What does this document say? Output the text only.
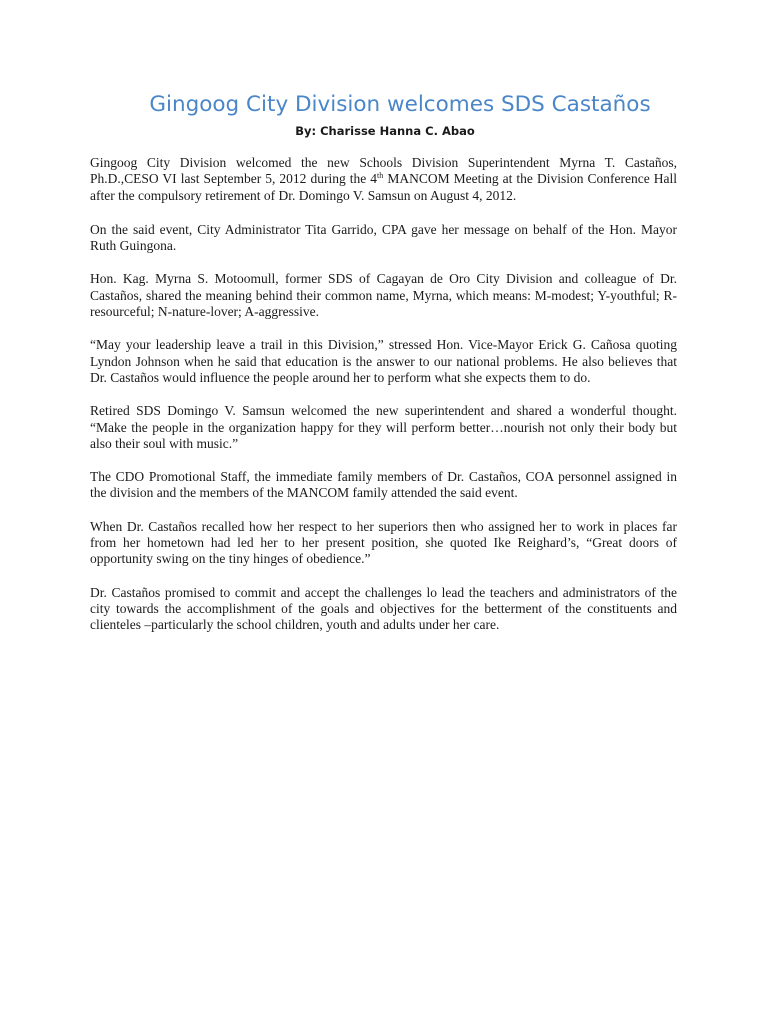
Gingoog City Division welcomes SDS Castaños
By: Charisse Hanna C. Abao

Gingoog City Division welcomed the new Schools Division Superintendent Myrna T. Castaños, Ph.D.,CESO VI last September 5, 2012 during the 4th MANCOM Meeting at the Division Conference Hall after the compulsory retirement of Dr. Domingo V. Samsun on August 4, 2012.

On the said event, City Administrator Tita Garrido, CPA gave her message on behalf of the Hon. Mayor Ruth Guingona.

Hon. Kag. Myrna S. Motoomull, former SDS of Cagayan de Oro City Division and colleague of Dr. Castaños, shared the meaning behind their common name, Myrna, which means: M-modest; Y-youthful; R-resourceful; N-nature-lover; A-aggressive.

“May your leadership leave a trail in this Division,” stressed Hon. Vice-Mayor Erick G. Cañosa quoting Lyndon Johnson when he said that education is the answer to our national problems. He also believes that Dr. Castaños would influence the people around her to perform what she expects them to do.

Retired SDS Domingo V. Samsun welcomed the new superintendent and shared a wonderful thought. “Make the people in the organization happy for they will perform better…nourish not only their body but also their soul with music.”

The CDO Promotional Staff, the immediate family members of Dr. Castaños, COA personnel assigned in the division and the members of the MANCOM family attended the said event.

When Dr. Castaños recalled how her respect to her superiors then who assigned her to work in places far from her hometown had led her to her present position, she quoted Ike Reighard’s, “Great doors of opportunity swing on the tiny hinges of obedience.”

Dr. Castaños promised to commit and accept the challenges lo lead the teachers and administrators of the city towards the accomplishment of the goals and objectives for the betterment of the constituents and clienteles –particularly the school children, youth and adults under her care.
